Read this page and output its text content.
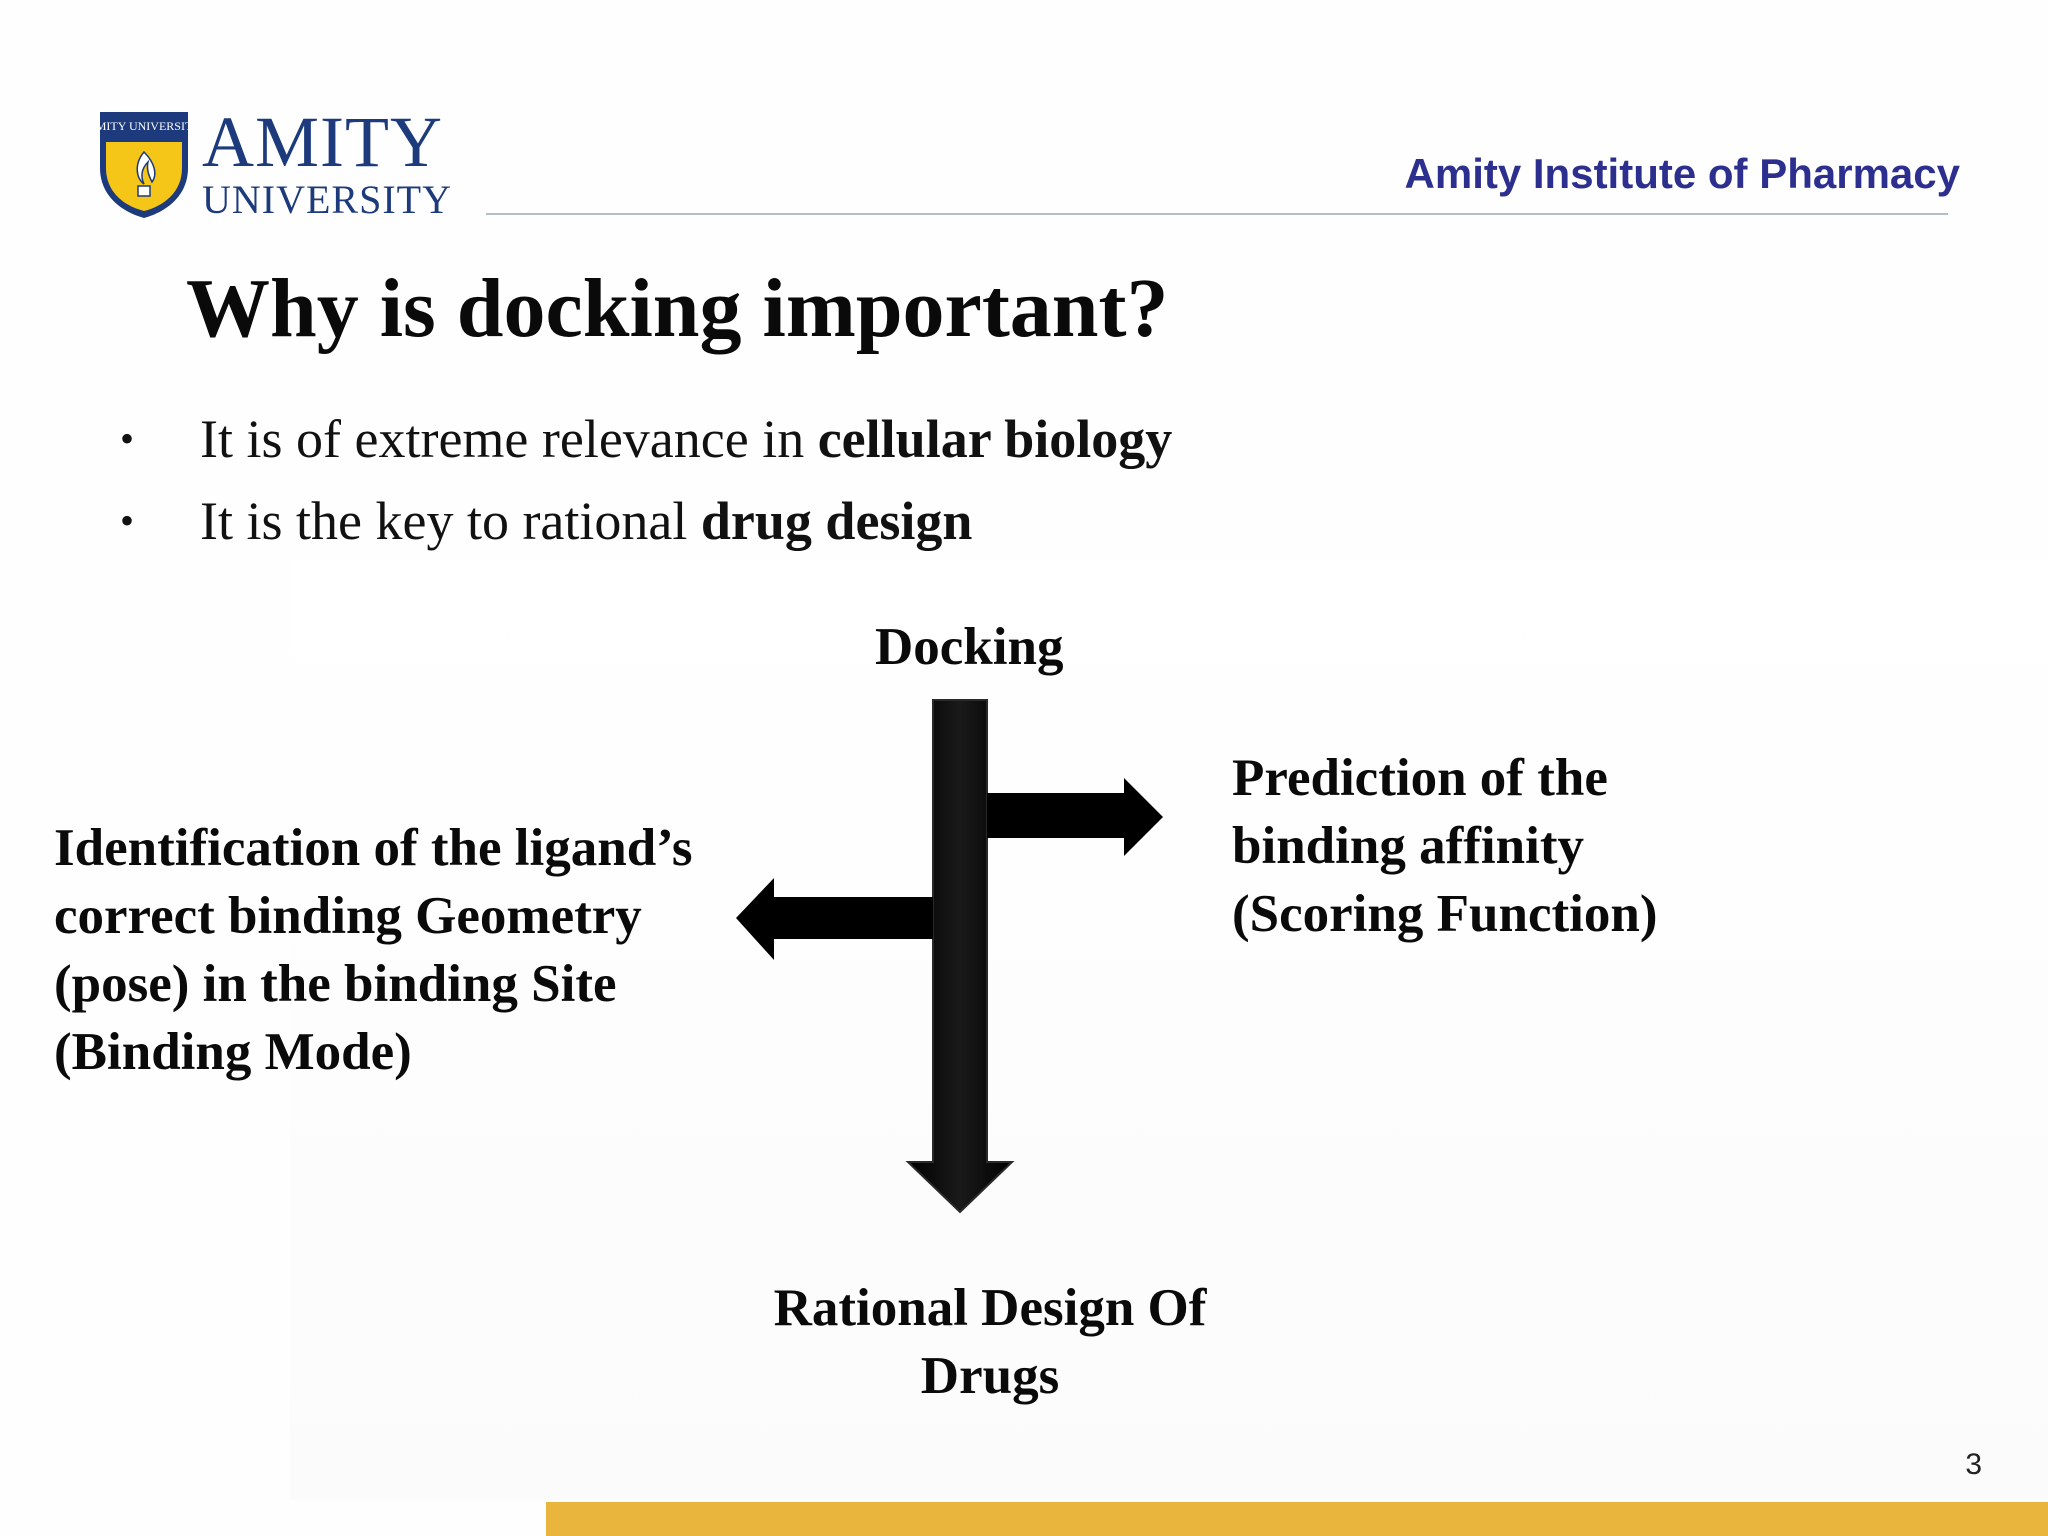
AMITY UNIVERSITY AMITY
UNIVERSITY
Amity Institute of Pharmacy
Why is docking important?
• It is of extreme relevance in cellular biology
• It is the key to rational drug design
Docking
Prediction of the
binding affinity
(Scoring Function)
Identification of the ligand’s
correct binding Geometry
(pose) in the binding Site
(Binding Mode)
Rational Design Of
Drugs
3
